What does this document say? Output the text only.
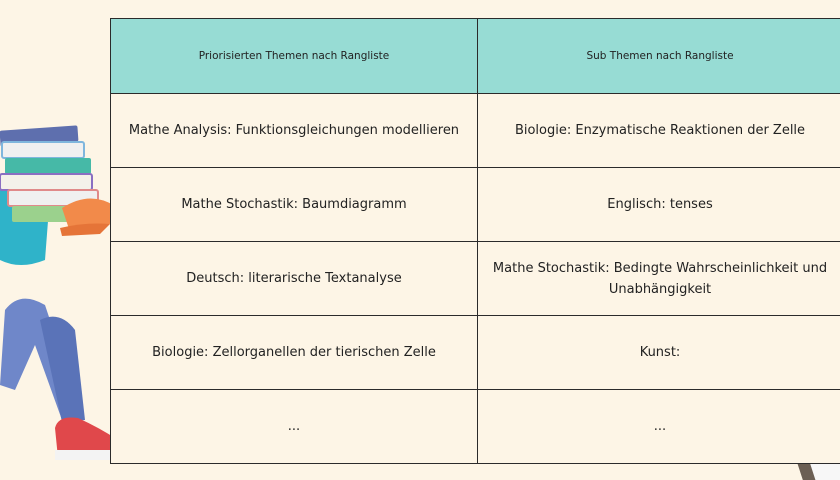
Priorisierten Themen nach Rangliste	Sub Themen nach Rangliste
Mathe Analysis: Funktionsgleichungen modellieren	Biologie: Enzymatische Reaktionen der Zelle
Mathe Stochastik: Baumdiagramm	Englisch: tenses
Deutsch: literarische Textanalyse	Mathe Stochastik: Bedingte Wahrscheinlichkeit und Unabhängigkeit
Biologie: Zellorganellen der tierischen Zelle	Kunst:
...	...
